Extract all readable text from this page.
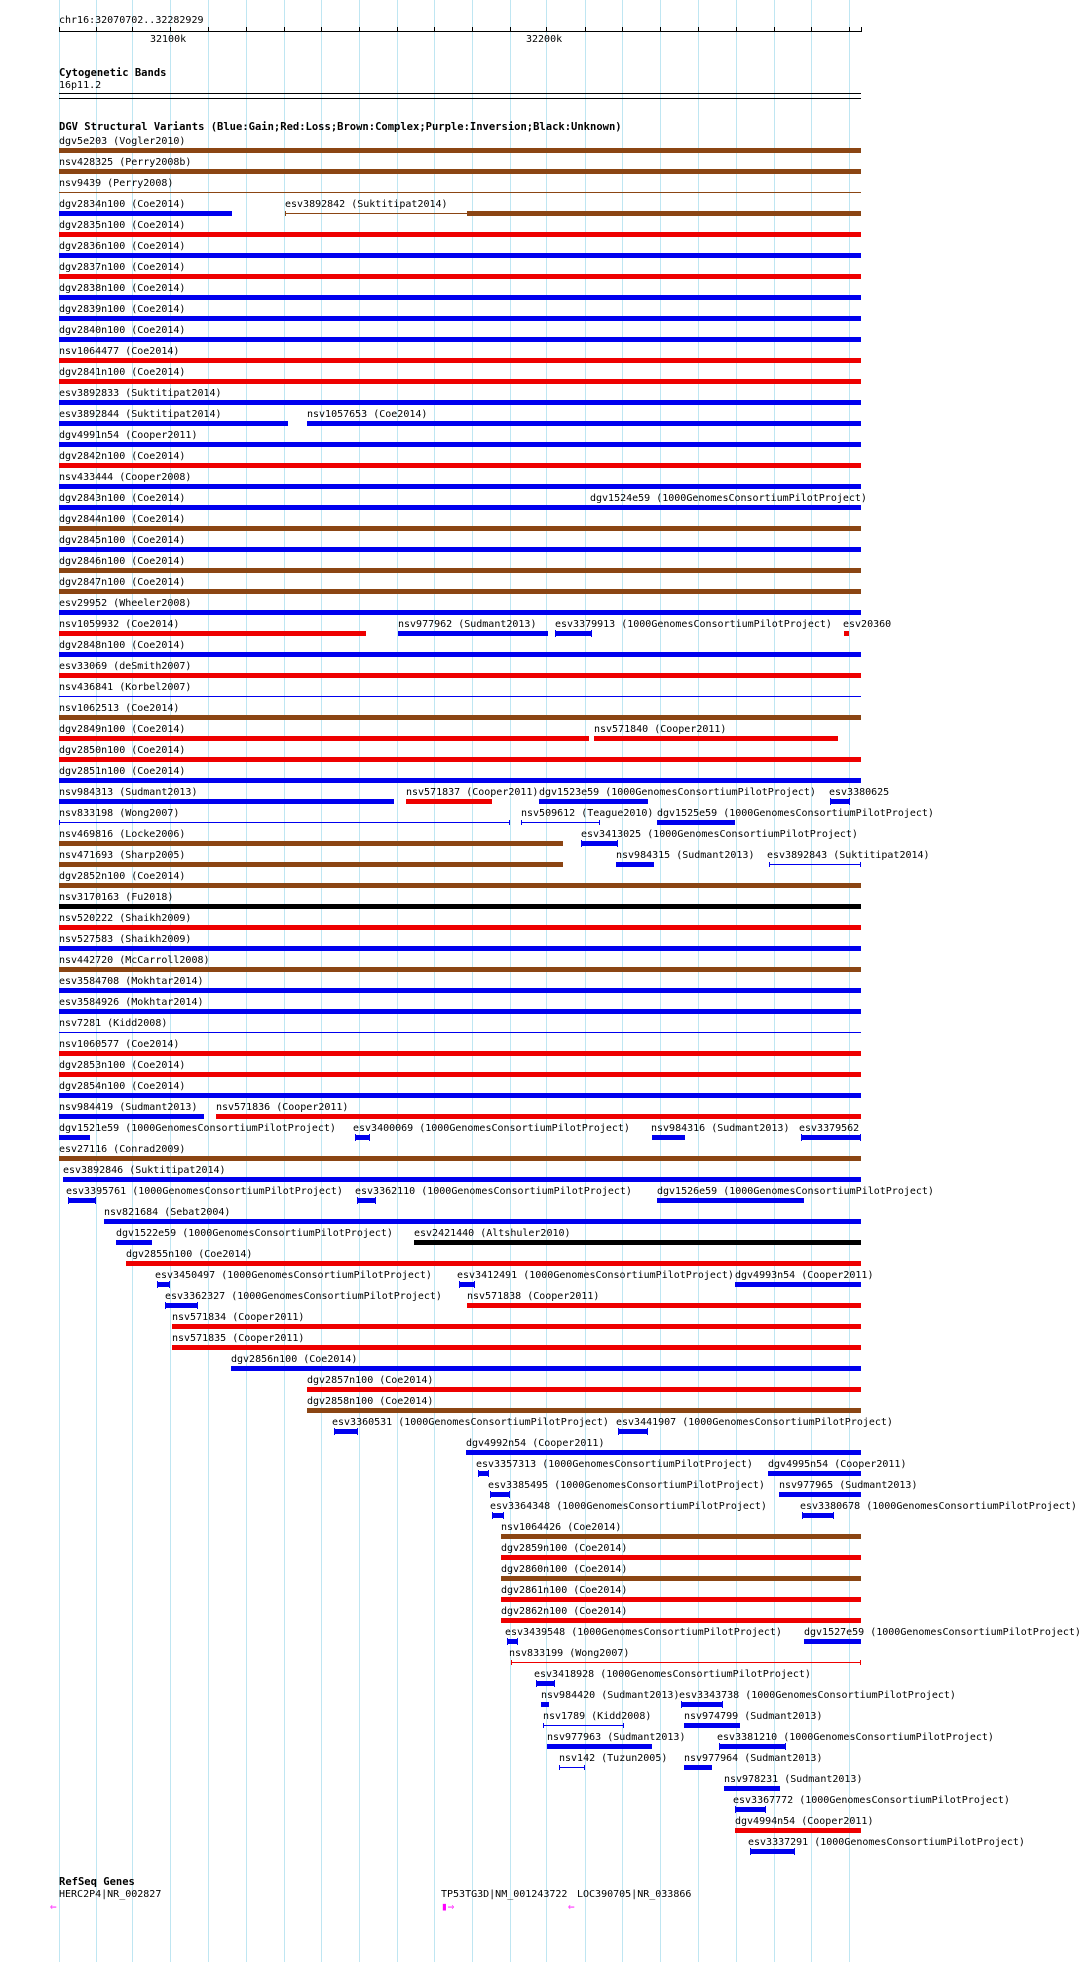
chr16:32070702..32282929
32100k	32200k
Cytogenetic Bands
16p11.2
DGV Structural Variants (Blue:Gain;Red:Loss;Brown:Complex;Purple:Inversion;Black:Unknown)
dgv5e203 (Vogler2010)
nsv428325 (Perry2008b)
nsv9439 (Perry2008)
dgv2834n100 (Coe2014)	esv3892842 (Suktitipat2014)
dgv2835n100 (Coe2014)
dgv2836n100 (Coe2014)
dgv2837n100 (Coe2014)
dgv2838n100 (Coe2014)
dgv2839n100 (Coe2014)
dgv2840n100 (Coe2014)
nsv1064477 (Coe2014)
dgv2841n100 (Coe2014)
esv3892833 (Suktitipat2014)
esv3892844 (Suktitipat2014)	nsv1057653 (Coe2014)
dgv4991n54 (Cooper2011)
dgv2842n100 (Coe2014)
nsv433444 (Cooper2008)
dgv2843n100 (Coe2014)	dgv1524e59 (1000GenomesConsortiumPilotProject)
dgv2844n100 (Coe2014)
dgv2845n100 (Coe2014)
dgv2846n100 (Coe2014)
dgv2847n100 (Coe2014)
esv29952 (Wheeler2008)
nsv1059932 (Coe2014)	nsv977962 (Sudmant2013) esv3379913 (1000GenomesConsortiumPilotProject) esv20360
dgv2848n100 (Coe2014)
esv33069 (deSmith2007)
nsv436841 (Korbel2007)
nsv1062513 (Coe2014)
dgv2849n100 (Coe2014)	nsv571840 (Cooper2011)
dgv2850n100 (Coe2014)
dgv2851n100 (Coe2014)
nsv984313 (Sudmant2013)	nsv571837 (Cooper2011) dgv1523e59 (1000GenomesConsortiumPilotProject) esv3380625
nsv833198 (Wong2007)	nsv509612 (Teague2010) dgv1525e59 (1000GenomesConsortiumPilotProject)
nsv469816 (Locke2006)	esv3413025 (1000GenomesConsortiumPilotProject)
nsv471693 (Sharp2005)	nsv984315 (Sudmant2013) esv3892843 (Suktitipat2014)
dgv2852n100 (Coe2014)
nsv3170163 (Fu2018)
nsv520222 (Shaikh2009)
nsv527583 (Shaikh2009)
nsv442720 (McCarroll2008)
esv3584708 (Mokhtar2014)
esv3584926 (Mokhtar2014)
nsv7281 (Kidd2008)
nsv1060577 (Coe2014)
dgv2853n100 (Coe2014)
dgv2854n100 (Coe2014)
nsv984419 (Sudmant2013) nsv571836 (Cooper2011)
dgv1521e59 (1000GenomesConsortiumPilotProject) esv3400069 (1000GenomesConsortiumPilotProject) nsv984316 (Sudmant2013) esv3379562
esv27116 (Conrad2009)
esv3892846 (Suktitipat2014)
esv3395761 (1000GenomesConsortiumPilotProject) esv3362110 (1000GenomesConsortiumPilotProject)	dgv1526e59 (1000GenomesConsortiumPilotProject)
nsv821684 (Sebat2004)
dgv1522e59 (1000GenomesConsortiumPilotProject) esv2421440 (Altshuler2010)
dgv2855n100 (Coe2014)
esv3450497 (1000GenomesConsortiumPilotProject)	esv3412491 (1000GenomesConsortiumPilotProject) dgv4993n54 (Cooper2011)
esv3362327 (1000GenomesConsortiumPilotProject)	nsv571838 (Cooper2011)
nsv571834 (Cooper2011)
nsv571835 (Cooper2011)
dgv2856n100 (Coe2014)
dgv2857n100 (Coe2014)
dgv2858n100 (Coe2014)
esv3360531 (1000GenomesConsortiumPilotProject) esv3441907 (1000GenomesConsortiumPilotProject)
dgv4992n54 (Cooper2011)
esv3357313 (1000GenomesConsortiumPilotProject) dgv4995n54 (Cooper2011)
esv3385495 (1000GenomesConsortiumPilotProject) nsv977965 (Sudmant2013)
esv3364348 (1000GenomesConsortiumPilotProject)	esv3380678 (1000GenomesConsortiumPilotProject)
nsv1064426 (Coe2014)
dgv2859n100 (Coe2014)
dgv2860n100 (Coe2014)
dgv2861n100 (Coe2014)
dgv2862n100 (Coe2014)
esv3439548 (1000GenomesConsortiumPilotProject) dgv1527e59 (1000GenomesConsortiumPilotProject)
nsv833199 (Wong2007)
esv3418928 (1000GenomesConsortiumPilotProject)
nsv984420 (Sudmant2013) esv3343738 (1000GenomesConsortiumPilotProject)
nsv1789 (Kidd2008)	nsv974799 (Sudmant2013)
nsv977963 (Sudmant2013)	esv3381210 (1000GenomesConsortiumPilotProject)
nsv142 (Tuzun2005) nsv977964 (Sudmant2013)
nsv978231 (Sudmant2013)
esv3367772 (1000GenomesConsortiumPilotProject)
dgv4994n54 (Cooper2011)
esv3337291 (1000GenomesConsortiumPilotProject)
RefSeq Genes
HERC2P4|NR_002827
⇐
TP53TG3D|NM_001243722
▮⇒
LOC390705|NR_033866
⇐
